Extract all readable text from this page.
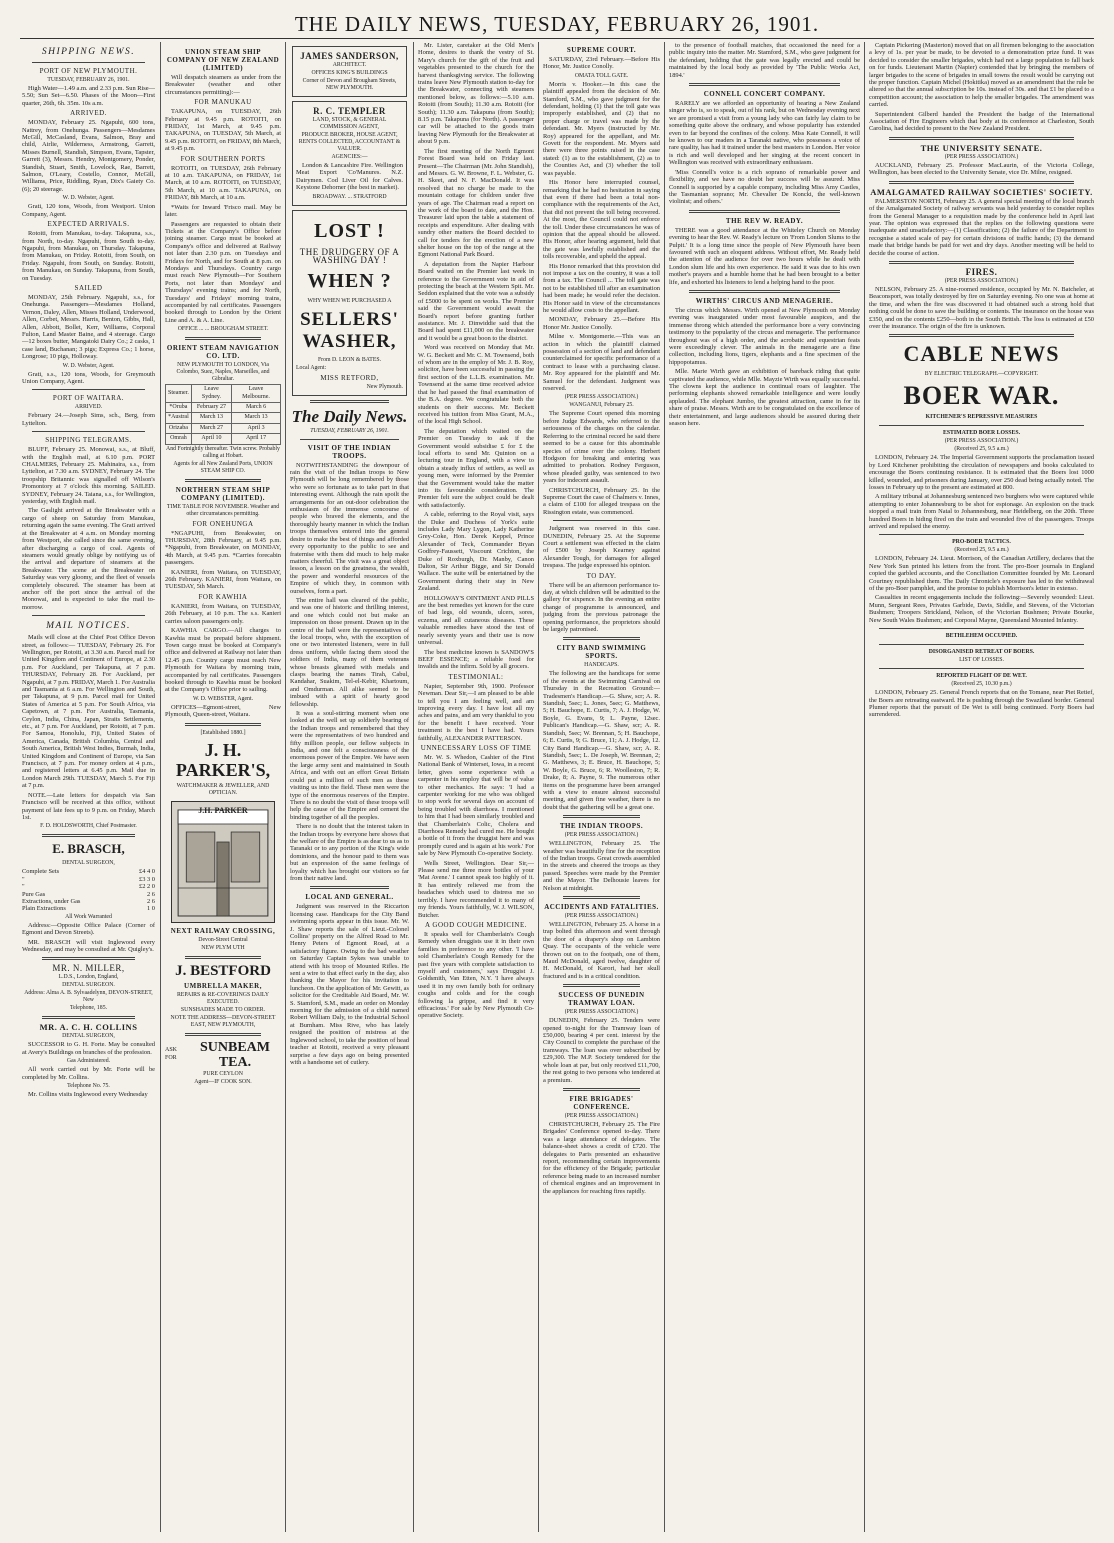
THE DAILY NEWS, TUESDAY, FEBRUARY 26, 1901.
SHIPPING NEWS.
PORT OF NEW PLYMOUTH.
TUESDAY, FEBRUARY 26, 1901.

High Water—1.49 a.m. and 2.33 p.m. Sun Rise—5.50; Sun Set—6.50. Phases of the Moon—First quarter, 26th, 6h. 35m. 10s a.m.

ARRIVED.

MONDAY, February 25. Ngapuhi, 600 tons, Nattrey, from Onehunga. Passengers—Mesdames McGill, McCasland, Evans, Salmon, Bray and child, Airlie, Wilderness, Armstrong, Garrett, Misses Burnell, Standish, Simpson, Evans, Tapster, Garrett (3), Messrs. Hendry, Montgomery, Ponder, Standish, Stuart, Smith, Lovelock, Rae, Barrett, Salmon, O'Leary, Costello, Connor, McGill, Williams, Price, Riddling, Ryan, Dix's Gaiety Co. (6); 20 steerage.

W. D. Webster, Agent.

Grati, 120 tons, Woods, from Westport. Union Company, Agent.

EXPECTED ARRIVALS.

Rotoiti, from Manukau, to-day. Takapuna, s.s., from North, to-day. Ngapuhi, from South to-day. Ngapuhi, from Manukau, on Thursday. Takapuna, from Manukau, on Friday. Rotoiti, from South, on Friday. Ngapuhi, from South, on Sunday. Rotoiti, from Manukau, on Sunday. Takapuna, from South, on Tuesday.

SAILED

MONDAY, 25th February. Ngapuhi, s.s., for Onehunga. Passengers—Mesdames Holland, Vernon, Daley, Allen, Misses Holland, Underwood, Allen, Corbet, Messrs. Harris, Benton, Gibbs, Hall, Allen, Abbott, Bollet, Kerr, Williams, Corporal Fulton, Land Master Baine, and 4 steerage. Cargo—12 boxes butter, Mangatoki Dairy Co.; 2 casks, 1 case land, Buchanan; 3 pigs; Express Co.; 1 horse, Longrose; 10 pigs, Holloway.

W. D. Webster, Agent.

Grati, s.s., 120 tons, Woods, for Greymouth Union Company, Agent.

PORT OF WAITARA.
ARRIVED.

February 24.—Joseph Sims, sch., Berg, from Lyttelton.

SHIPPING TELEGRAMS.

BLUFF, February 25. Monowai, s.s., at Bluff, with the English mail, at 6.10 p.m. PORT CHALMERS, February 25. Mahinaira, s.s., from Lyttelton, at 7.30 a.m. SYDNEY, February 24. The troopship Britannic was signalled off Wilson's Promontory at 7 o'clock this morning. SAILED. SYDNEY, February 24. Taiana, s.s., for Wellington, yesterday, with English mail.

The Gaslight arrived at the Breakwater with a cargo of sheep on Saturday from Manukau, returning again the same evening. The Grati arrived at the Breakwater at 4 a.m. on Monday morning from Westport, she called since the same evening, after discharging a cargo of coal. Agents of steamers would greatly oblige by notifying us of the arrival and departure of steamers at the Breakwater. The scene at the Breakwater on Saturday was very gloomy, and the fleet of vessels completely obscured. The steamer has been at anchor off the port since the arrival of the Monowai, and is expected to take the mail to-morrow.

MAIL NOTICES.

Mails will close at the Chief Post Office Devon street, as follows:— TUESDAY, February 26. For Wellington, per Rotoiti, at 3.30 a.m. Parcel mail for United Kingdom and Continent of Europe, at 2.30 p.m. For Auckland, per Takapuna, at 7 p.m. THURSDAY, February 28. For Auckland, per Ngapuhi, at 7 p.m. FRIDAY, March 1. For Australia and Tasmania at 6 a.m. For Wellington and South, per Takapuna, at 9 p.m. Parcel mail for United States of America at 5 p.m. For South Africa, via Capetown, at 7 p.m. For Australia, Tasmania, Ceylon, India, China, Japan, Straits Settlements, etc., at 7 p.m. For Auckland, per Rotoiti, at 7 p.m. For Samoa, Honolulu, Fiji, United States of America, Canada, British Columbia, Central and South America, British West Indies, Burmah, India, United Kingdom and Continent of Europe, via San Francisco, at 7 p.m. For money orders at 4 p.m., and registered letters at 6.45 p.m. Mail due in London March 29th. TUESDAY, March 5. For Fiji at 7 p.m.

NOTE.—Late letters for despatch via San Francisco will be received at this office, without payment of late fees up to 9 p.m. on Friday, March 1st.

F. D. HOLDSWORTH, Chief Postmaster.
E. BRASCH,
DENTAL SURGEON,
Complete Sets	£4 4 0
"	£3 3 0
"	£2 2 0
Pure Gas	2 6
Extractions, under Gas	2 6
Plain Extractions	1 0
All Work Warranted

Address:—Opposite Office Palace (Corner of Egmont and Devon Streets).

MR. BRASCH will visit Inglewood every Wednesday, and may be consulted at Mr. Quigley's.

MR. N. MILLER,
L.D.S., London, England,
DENTAL SURGEON.
Address: Alma A. B. Sylvaadelynn, DEVON-STREET, New
Telephone, 185.
MR. A. C. H. COLLINS
DENTAL SURGEON,

SUCCESSOR to G. H. Forte. May be consulted at Avery's Buildings on branches of the profession.

Gas Administered.

All work carried out by Mr. Forte will be completed by Mr. Collins.

Telephone No. 75.

Mr. Collins visits Inglewood every Wednesday

UNION STEAM SHIP COMPANY OF NEW ZEALAND (LIMITED)

Will despatch steamers as under from the Breakwater (weather and other circumstances permitting):—

FOR MANUKAU

TAKAPUNA, on TUESDAY, 26th February at 9.45 p.m. ROTOITI, on FRIDAY, 1st March, at 9.45 p.m. TAKAPUNA, on TUESDAY, 5th March, at 9.45 p.m. ROTOITI, on FRIDAY, 8th March, at 9.45 p.m.

FOR SOUTHERN PORTS

ROTOITI, on TUESDAY, 26th February at 10 a.m. TAKAPUNA, on FRIDAY, 1st March, at 10 a.m. ROTOITI, on TUESDAY, 5th March, at 10 a.m. TAKAPUNA, on FRIDAY, 8th March, at 10 a.m.

*Waits for Inward 'Frisco mail. May be later.

Passengers are requested to obtain their Tickets at the Company's Office before joining steamer. Cargo must be booked at Company's office and delivered at Railway not later than 2.30 p.m. on Tuesdays and Fridays for North, and for South at 8 p.m. on Mondays and Thursdays. Country cargo must reach New Plymouth—For Southern Ports, not later than Mondays' and Thursdays' evening trains; and for North, Tuesdays' and Fridays' morning trains, accompanied by rail certificates. Passengers booked through to London by the Orient Line and A. & A. Line.

OFFICE ... ... BROUGHAM STREET.
ORIENT STEAM NAVIGATION CO. LTD.
NEW PLYMOUTH TO LONDON, Via Colombo, Suez, Naples, Marseilles, and Gibraltar.
Steamer.	Leave Sydney.	Leave Melbourne.
*Oruba	February 27	March 6
*Austral	March 13	March 13
Orizaba	March 27	April 3
Omrah	April 10	April 17
And Fortnightly thereafter. Twin screw. Probably calling at Hobart.
Agents for all New Zealand Ports, UNION STEAM SHIP CO.
NORTHERN STEAM SHIP COMPANY (LIMITED).
TIME TABLE FOR NOVEMBER. Weather and other circumstances permitting.
FOR ONEHUNGA

*NGAPUHI, from Breakwater, on THURSDAY, 28th February, at 9.45 p.m. *Ngapuhi, from Breakwater, on MONDAY, 4th March, at 9.45 p.m. *Carries forecabin passengers.

KANIERI, from Waitara, on TUESDAY, 26th February. KANIERI, from Waitara, on TUESDAY, 5th March.

FOR KAWHIA

KANIERI, from Waitara, on TUESDAY, 26th February, at 10 p.m. The s.s. Kanieri carries saloon passengers only.

KAWHIA CARGO.—All charges to Kawhia must be prepaid before shipment. Town cargo must be booked at Company's office and delivered at Railway not later than 12.45 p.m. Country cargo must reach New Plymouth for Waitara by morning train, accompanied by rail certificates. Passengers booked through to Kawhia must be booked at the Company's Office prior to sailing.

W. D. WEBSTER, Agent.

OFFICES—Egmont-street, New Plymouth, Queen-street, Waitara.

[Established 1880.]
J. H. PARKER'S,
WATCHMAKER & JEWELLER, AND OPTICIAN.
J.H. PARKER
NEXT RAILWAY CROSSING,
Devon-Street Central
NEW PLYM UTH
J. BESTFORD
UMBRELLA MAKER,
REPAIRS & RE-COVERINGS DAILY EXECUTED.
SUNSHADES MADE TO ORDER.
NOTE THE ADDRESS—DEVON-STREET EAST, NEW PLYMOUTH,
ASK FOR
SUNBEAM TEA.
PURE CEYLON
Agent—IF COOK SON.
JAMES SANDERSON,
ARCHITECT.
OFFICES KING'S BUILDINGS
Corner of Devon and Brougham Streets, NEW PLYMOUTH.
R. C. TEMPLER
LAND, STOCK, & GENERAL COMMISSION AGENT,
PRODUCE BROKER, HOUSE AGENT, RENTS COLLECTED, ACCOUNTANT & VALUER.
AGENCIES:—

London & Lancashire Fire. Wellington Meat Export 'Co'Manures. N.Z. Dairymen. Cod Liver Oil for Calves. Keystone Dehorner (the best in market).

BROADWAY. ... STRATFORD
LOST !
THE DRUDGERY OF A WASHING DAY !
WHEN ?
WHY WHEN WE PURCHASED A
SELLERS' WASHER,
From D. LEON & BATES.
Local Agent:
MISS RETFORD,
New Plymouth.
The Daily News.
TUESDAY, FEBRUARY 26, 1901.
VISIT OF THE INDIAN TROOPS.

NOTWITHSTANDING the downpour of rain the visit of the Indian troops to New Plymouth will be long remembered by those who were so fortunate as to take part in that interesting event. Although the rain spoilt the arrangements for an out-door celebration the enthusiasm of the immense concourse of people who braved the elements, and the thoroughly hearty manner in which the Indian troops themselves entered into the general desire to make the best of things and afforded every opportunity to the public to see and fraternise with them did much to help make matters cheerful. The visit was a great object lesson, a lesson on the greatness, the wealth, the power and wonderful resources of the Empire of which they, in common with ourselves, form a part.

The entire hall was cleared of the public, and was one of historic and thrilling interest, and one which could not but make an impression on those present. Drawn up in the centre of the hall were the representatives of the local troops, who, with the exception of one or two interested listeners, were in full dress uniform, while facing them stood the soldiers of India, many of them veterans whose breasts gleamed with medals and clasps bearing the names Tirah, Cabul, Kandahar, Suakim, Tel-el-Kebir, Khartoum, and Omdurman. All alike seemed to be imbued with a spirit of hearty good fellowship.

It was a soul-stirring moment when one looked at the well set up soldierly bearing of the Indian troops and remembered that they were the representatives of two hundred and fifty million people, our fellow subjects in India, and one felt a consciousness of the enormous power of the Empire. We have seen the large army sent and maintained in South Africa, and with out an effort Great Britain could put a million of such men as these visiting us into the field. These men were the type of the enormous reserves of the Empire. There is no doubt the visit of these troops will help the cause of the Empire and cement the binding together of all the peoples.

There is no doubt that the interest taken in the Indian troops by everyone here shows that the welfare of the Empire is as dear to us as to Taranaki or to any portion of the King's wide dominions, and the honour paid to them was but an expression of the same feelings of loyalty which has brought our visitors so far from their native land.

LOCAL AND GENERAL.

Judgment was reserved in the Riccarton licensing case. Handicaps for the City Band swimming sports appear in this issue. Mr. W. J. Shaw reports the sale of Lieut.-Colonel Collins' property on the Alfred Road to Mr. Henry Peters of Egmont Road, at a satisfactory figure. Owing to the bad weather on Saturday Captain Sykes was unable to attend with his troop of Mounted Rifles. He sent a wire to that effect early in the day, also thanking the Mayor for his invitation to luncheon. On the application of Mr. Gewitt, as solicitor for the Creditable Aid Board, Mr. W. S. Stamford, S.M., made an order on Monday morning for the admission of a child named Robert William Daly, to the Industrial School at Burnham. Miss Rive, who has lately resigned the position of mistress at the Inglewood school, to take the position of head teacher at Rotoiti, received a very pleasant surprise a few days ago on being presented with a handsome set of cutlery.

Mr. Lister, caretaker at the Old Men's Home, desires to thank the vestry of St. Mary's church for the gift of the fruit and vegetables presented to the church for the harvest thanksgiving service. The following trains leave New Plymouth station to-day for the Breakwater, connecting with steamers mentioned below, as follows:—5.10 a.m. Rotoiti (from South); 11.30 a.m. Rotoiti (for South); 11.30 a.m. Takapuna (from South); 8.15 p.m. Takapuna (for North). A passenger car will be attached to the goods train leaving New Plymouth for the Breakwater at about 9 p.m.

The first meeting of the North Egmont Forest Board was held on Friday last. Present—The Chairman (Mr. John Standish), and Messrs. G. W. Browne, F. L. Webster, G. H. Skeet, and N. F. MacDonald. It was resolved that no charge be made to the mountain cottage for children under five years of age. The Chairman read a report on the work of the board to date, and the Hon. Treasurer laid upon the table a statement of receipts and expenditure. After dealing with sundry other matters the Board decided to call for tenders for the erection of a new shelter house on the top of the range at the Egmont National Park Board.

A deputation from the Napier Harbour Board waited on the Premier last week in reference to the Government vote in aid of protecting the beach at the Western Spit. Mr. Seddon explained that the vote was a subsidy of £5000 to be spent on works. The Premier said the Government would await the Board's report before granting further assistance. Mr. J. Dinwiddie said that the Board had spent £11,000 on the breakwater and it would be a great boon to the district.

Word was received on Monday that Mr. W. G. Beckett and Mr. C. M. Townsend, both of whom are in the employ of Mr. J. B. Roy, solicitor, have been successful in passing the first section of the L.L.B. examination. Mr. Townsend at the same time received advice that he had passed the final examination of the B.A. degree. We congratulate both the students on their success. Mr. Beckett received his tuition from Miss Grant, M.A., of the local High School.

The deputation which waited on the Premier on Tuesday to ask if the Government would subsidise £ for £ the local efforts to send Mr. Quinton on a lecturing tour in England, with a view to obtain a steady influx of settlers, as well as young men, were informed by the Premier that the Government would take the matter into its favourable consideration. The Premier felt sure the subject could be dealt with satisfactorily.

A cable, referring to the Royal visit, says the Duke and Duchess of York's suite includes Lady Mary Lygon, Lady Katherine Grey-Coke, Hon. Derek Keppel, Prince Alexander of Teck, Commander Bryan Godfrey-Faussett, Viscount Crichton, the Duke of Roxburgh, Dr. Manby, Canon Dalton, Sir Arthur Bigge, and Sir Donald Wallace. The suite will be entertained by the Government during their stay in New Zealand.

HOLLOWAY'S OINTMENT AND PILLS are the best remedies yet known for the cure of bad legs, old wounds, ulcers, sores, eczema, and all cutaneous diseases. These valuable remedies have stood the test of nearly seventy years and their use is now universal.

The best medicine known is SANDOW'S BEEF ESSENCE; a reliable food for invalids and the infirm. Sold by all grocers.

TESTIMONIAL:

Napier, September 9th, 1900. Professor Newman. Dear Sir,—I am pleased to be able to tell you I am feeling well, and am improving every day. I have lost all my aches and pains, and am very thankful to you for the benefit I have received. Your treatment is the best I have had. Yours faithfully, ALEXANDER PATTERSON.

UNNECESSARY LOSS OF TIME

Mr. W. S. Whedon, Cashier of the First National Bank of Winterset, Iowa, in a recent letter, gives some experience with a carpenter in his employ that will be of value to other mechanics. He says: 'I had a carpenter working for me who was obliged to stop work for several days on account of being troubled with diarrhoea. I mentioned to him that I had been similarly troubled and that Chamberlain's Colic, Cholera and Diarrhoea Remedy had cured me. He bought a bottle of it from the druggist here and was promptly cured and is again at his work.' For sale by New Plymouth Co-operative Society.

Wells Street, Wellington. Dear Sir,—Please send me three more bottles of your 'Mat Avene.' I cannot speak too highly of it. It has entirely relieved me from the headaches which used to distress me so terribly. I have recommended it to many of my friends. Yours faithfully, W. J. WILSON, Butcher.

A GOOD COUGH MEDICINE.

It speaks well for Chamberlain's Cough Remedy when druggists use it in their own families in preference to any other. 'I have sold Chamberlain's Cough Remedy for the past five years with complete satisfaction to myself and customers,' says Druggist J. Goldsmith, Van Etten, N.Y. 'I have always used it in my own family both for ordinary coughs and colds and for the cough following la grippe, and find it very efficacious.' For sale by New Plymouth Co-operative Society.

SUPREME COURT.

SATURDAY, 23rd February.—Before His Honor, Mr. Justice Conolly.

OMATA TOLL GATE.

Morris v. Hooker.—In this case the plaintiff appealed from the decision of Mr. Stamford, S.M., who gave judgment for the defendant, holding (1) that the toll gate was improperly established, and (2) that no proper charge or travel was made by the defendant. Mr. Myers (instructed by Mr. Roy) appeared for the appellant, and Mr. Govett for the respondent. Mr. Myers said there were three points raised in the case stated: (1) as to the establishment, (2) as to the Counties Act, and (3) whether the toll was payable.

His Honor here interrupted counsel, remarking that he had no hesitation in saying that even if there had been a total non-compliance with the requirements of the Act, that did not prevent the toll being recovered. At the most, the Council could not enforce the toll. Under these circumstances he was of opinion that the appeal should be allowed. His Honor, after hearing argument, held that the gate was lawfully established and the tolls recoverable, and upheld the appeal.

His Honor remarked that this provision did not impose a tax on the country, it was a toll from a tax. The Council ... The toll gate was not to be established till after an examination had been made; he would refer the decision. His Honor said in view of the circumstances he would allow costs to the appellant.

MONDAY, February 25.—Before His Honor Mr. Justice Conolly.

Milne v. Montgomerie.—This was an action in which the plaintiff claimed possession of a section of land and defendant counterclaimed for specific performance of a contract to lease with a purchasing clause. Mr. Roy appeared for the plaintiff and Mr. Samuel for the defendant. Judgment was reserved.

(PER PRESS ASSOCIATION.)
WANGANUI, February 25.

The Supreme Court opened this morning before Judge Edwards, who referred to the seriousness of the charges on the calendar. Referring to the criminal record he said there seemed to be a cause for this abominable species of crime over the colony. Herbert Hodgson for breaking and entering was admitted to probation. Rodney Ferguson, whose pleaded guilty, was sentenced to two years for indecent assault.

CHRISTCHURCH, February 25. In the Supreme Court the case of Chalmers v. Innes, a claim of £100 for alleged trespass on the Rissington estate, was commenced.

Judgment was reserved in this case. DUNEDIN, February 25. At the Supreme Court a settlement was effected in the claim of £500 by Joseph Kearney against Alexander Tough, for damages for alleged trespass. The judge expressed his opinion.

TO DAY.

There will be an afternoon performance to-day, at which children will be admitted to the gallery for sixpence. In the evening an entire change of programme is announced, and judging from the previous patronage the opening performance, the proprietors should be largely patronised.

CITY BAND SWIMMING SPORTS.
HANDICAPS.

The following are the handicaps for some of the events at the Swimming Carnival on Thursday in the Recreation Ground:— Tradesmen's Handicap.—G. Shaw, scr; A. R. Standish, 5sec; L. Jones, 5sec; G. Matthews, 5; H. Bauchope, E. Curtis, 7; A. J. Hodge, W. Boyle, G. Evans, 9; L. Payne, 12sec. Publican's Handicap.—G. Shaw, scr; A. R. Standish, 5sec; W. Brennan, 5; H. Bauchope, 6; E. Curtis, 9; G. Bruce, 11; A. J. Hodge, 12. City Band Handicap.—G. Shaw, scr; A. R. Standish, 5sec; L. De Joseph, W. Brennan, 2; G. Matthews, 3; E. Bruce, H. Bauchope, 5; W. Boyle, G. Bruce, 6; R. Woolleston, 7; R. Drake, 8; A. Payne, 9. The numerous other items on the programme have been arranged with a view to ensure almost successful meeting, and given fine weather, there is no doubt that the gathering will be a great one.

THE INDIAN TROOPS.
(PER PRESS ASSOCIATION.)

WELLINGTON, February 25. The weather was beautifully fine for the reception of the Indian troops. Great crowds assembled in the streets and cheered the troops as they passed. Speeches were made by the Premier and the Mayor. The Delhousie leaves for Nelson at midnight.

ACCIDENTS AND FATALITIES.
(PER PRESS ASSOCIATION.)

WELLINGTON, February 25. A horse in a trap bolted this afternoon and went through the door of a drapery's shop on Lambton Quay. The occupants of the vehicle were thrown out on to the footpath, one of them, Maud McDonald, aged twelve, daughter of H. McDonald, of Karori, had her skull fractured and is in a critical condition.

SUCCESS OF DUNEDIN TRAMWAY LOAN.
(PER PRESS ASSOCIATION.)

DUNEDIN, February 25. Tenders were opened to-night for the Tramway loan of £50,000, bearing 4 per cent. interest by the City Council to complete the purchase of the tramways. The loan was over subscribed by £29,300. The M.P. Society tendered for the whole loan at par, but only received £11,700, the rest going to two persons who tendered at a premium.

FIRE BRIGADES' CONFERENCE.
(PER PRESS ASSOCIATION.)

CHRISTCHURCH, February 25. The Fire Brigades' Conference opened to-day. There was a large attendance of delegates. The balance-sheet shows a credit of £720. The delegates to Paris presented an exhaustive report, recommending certain improvements for the efficiency of the Brigade; particular reference being made to an increased number of chemical engines and an improvement in the appliances for reaching fires rapidly.

to the presence of football matches, that occasioned the need for a public inquiry into the matter. Mr. Stamford, S.M., who gave judgment for the defendant, holding that the gate was legally erected and could be maintained by the local body as provided by 'The Public Works Act, 1894.'

CONNELL CONCERT COMPANY.

RARELY are we afforded an opportunity of hearing a New Zealand singer who is, so to speak, out of his rank, but on Wednesday evening next we are promised a visit from a young lady who can fairly lay claim to be something quite above the ordinary, and whose popularity has extended even to far beyond the confines of the colony. Miss Kate Connell, it will be known to our readers in a Taranaki native, who possesses a voice of rare quality, has had it trained under the best masters in London. Her voice is rich and well developed and her singing at the recent concert in Wellington was received with extraordinary enthusiasm.

'Miss Connell's voice is a rich soprano of remarkable power and flexibility, and we have no doubt her success will be assured. Miss Connell is supported by a capable company, including Miss Amy Castles, the Tasmanian soprano; Mr. Chevalier De Koncki, the well-known violinist; and others.'

THE REV W. READY.

THERE was a good attendance at the Whiteley Church on Monday evening to hear the Rev. W. Ready's lecture on 'From London Slums to the Pulpit.' It is a long time since the people of New Plymouth have been favoured with such an eloquent address. Without effort, Mr. Ready held the attention of the audience for over two hours while he dealt with London slum life and his own experience. He said it was due to his own mother's prayers and a humble home that he had been brought to a better life, and exhorted his listeners to lend a helping hand to the poor.

WIRTHS' CIRCUS AND MENAGERIE.

The circus which Messrs. Wirth opened at New Plymouth on Monday evening was inaugurated under most favourable auspices, and the immense throng which attended the performance bore a very convincing testimony to the popularity of the circus and menagerie. The performance throughout was of a high order, and the acrobatic and equestrian feats were exceedingly clever. The animals in the menagerie are a fine collection, including lions, tigers, elephants and a fine specimen of the hippopotamus.

Mlle. Marie Wirth gave an exhibition of bareback riding that quite captivated the audience, while Mlle. Mayzie Wirth was equally successful. The clowns kept the audience in continual roars of laughter. The performing elephants showed remarkable intelligence and were loudly applauded. The elephant Jumbo, the greatest attraction, came in for its share of praise. Messrs. Wirth are to be congratulated on the excellence of their entertainment, and large audiences should be assured during their season here.

Captain Pickering (Masterton) moved that on all firemen belonging to the association a levy of 1s. per year be made, to be devoted to a demonstration prize fund. It was decided to consider the smaller brigades, which had not a large population to fall back on for funds. Lieutenant Martin (Napier) contended that by bringing the members of larger brigades to the scene of brigades in small towns the result would be carrying out the proper function. Captain Michel (Hokitika) moved as an amendment that the rule be altered so that the annual subscription be 10s. instead of 30s. and that £1 be placed to a competition account; the association to help the smaller brigades. The amendment was carried.

Superintendent Gilberd handed the President the badge of the International Association of Fire Engineers which that body at its conference at Charleston, South Carolina, had decided to present to the New Zealand President.

THE UNIVERSITY SENATE.
(PER PRESS ASSOCIATION.)

AUCKLAND, February 25. Professor MacLaurin, of the Victoria College, Wellington, has been elected to the University Senate, vice Dr. Milne, resigned.

AMALGAMATED RAILWAY SOCIETIES' SOCIETY.

PALMERSTON NORTH, February 25. A general special meeting of the local branch of the Amalgamated Society of railway servants was held yesterday to consider replies from the General Manager to a requisition made by the conference held in April last year. The opinion was expressed that the replies on the following questions were inadequate and unsatisfactory:—(1) Classification; (2) the failure of the Department to recognise a stated scale of pay for certain divisions of traffic hands; (3) the demand made that bridge hands be paid for wet and dry days. Another meeting will be held to decide the course of action.

FIRES.
(PER PRESS ASSOCIATION.)

NELSON, February 25. A nine-roomed residence, occupied by Mr. N. Batcheler, at Beaconsport, was totally destroyed by fire on Saturday evening. No one was at home at the time, and when the fire was discovered it had obtained such a strong hold that nothing could be done to save the building or contents. The insurance on the house was £350, and on the contents £250—both in the South British. The loss is estimated at £50 over the insurance. The origin of the fire is unknown.

CABLE NEWS
BY ELECTRIC TELEGRAPH.—COPYRIGHT.
BOER WAR.
KITCHENER'S REPRESSIVE MEASURES
ESTIMATED BOER LOSSES.
(PER PRESS ASSOCIATION.)
(Received 25, 9.5 a.m.)

LONDON, February 24. The Imperial Government supports the proclamation issued by Lord Kitchener prohibiting the circulation of newspapers and books calculated to encourage the Boers continuing resistance. It is estimated that the Boers lost 1000 killed, wounded, and prisoners during January, over 250 dead being actually noted. The losses in February up to the present are estimated at 800.

A military tribunal at Johannesburg sentenced two burghers who were captured while attempting to enter Johannesburg to be shot for espionage. An explosion on the track stopped a mail train from Natal to Johannesburg, near Heidelberg, on the 20th. Three hundred Boers in hiding fired on the train and wounded five of the passengers. Troops arrived and repulsed the enemy.

PRO-BOER TACTICS.
(Received 25, 9.5 a.m.)

LONDON, February 24. Lieut. Morrison, of the Canadian Artillery, declares that the New York Sun printed his letters from the front. The pro-Boer journals in England copied the garbled accounts, and the Conciliation Committee founded by Mr. Leonard Courtney republished them. The Daily Chronicle's exposure has led to the withdrawal of the pro-Boer pamphlet, and the promise to publish Morrison's letter in extenso.

Casualties in recent engagements include the following:—Severely wounded: Lieut. Munn, Sergeant Rees, Privates Garbide, Davis, Siddle, and Stevens, of the Victorian Bushmen; Troopers Strickland, Nelson, of the Victorian Bushmen; Private Bourke, New South Wales Bushmen; and Corporal Mayne, Queensland Mounted Infantry.

BETHLEHEM OCCUPIED.
DISORGANISED RETREAT OF BOERS.
LIST OF LOSSES.
REPORTED FLIGHT OF DE WET.
(Received 25, 10.30 p.m.)

LONDON, February 25. General French reports that on the Tomane, near Piet Retief, the Boers are retreating eastward. He is pushing through the Swaziland border. General Plumer reports that the pursuit of De Wet is still being continued. Forty Boers had surrendered.
